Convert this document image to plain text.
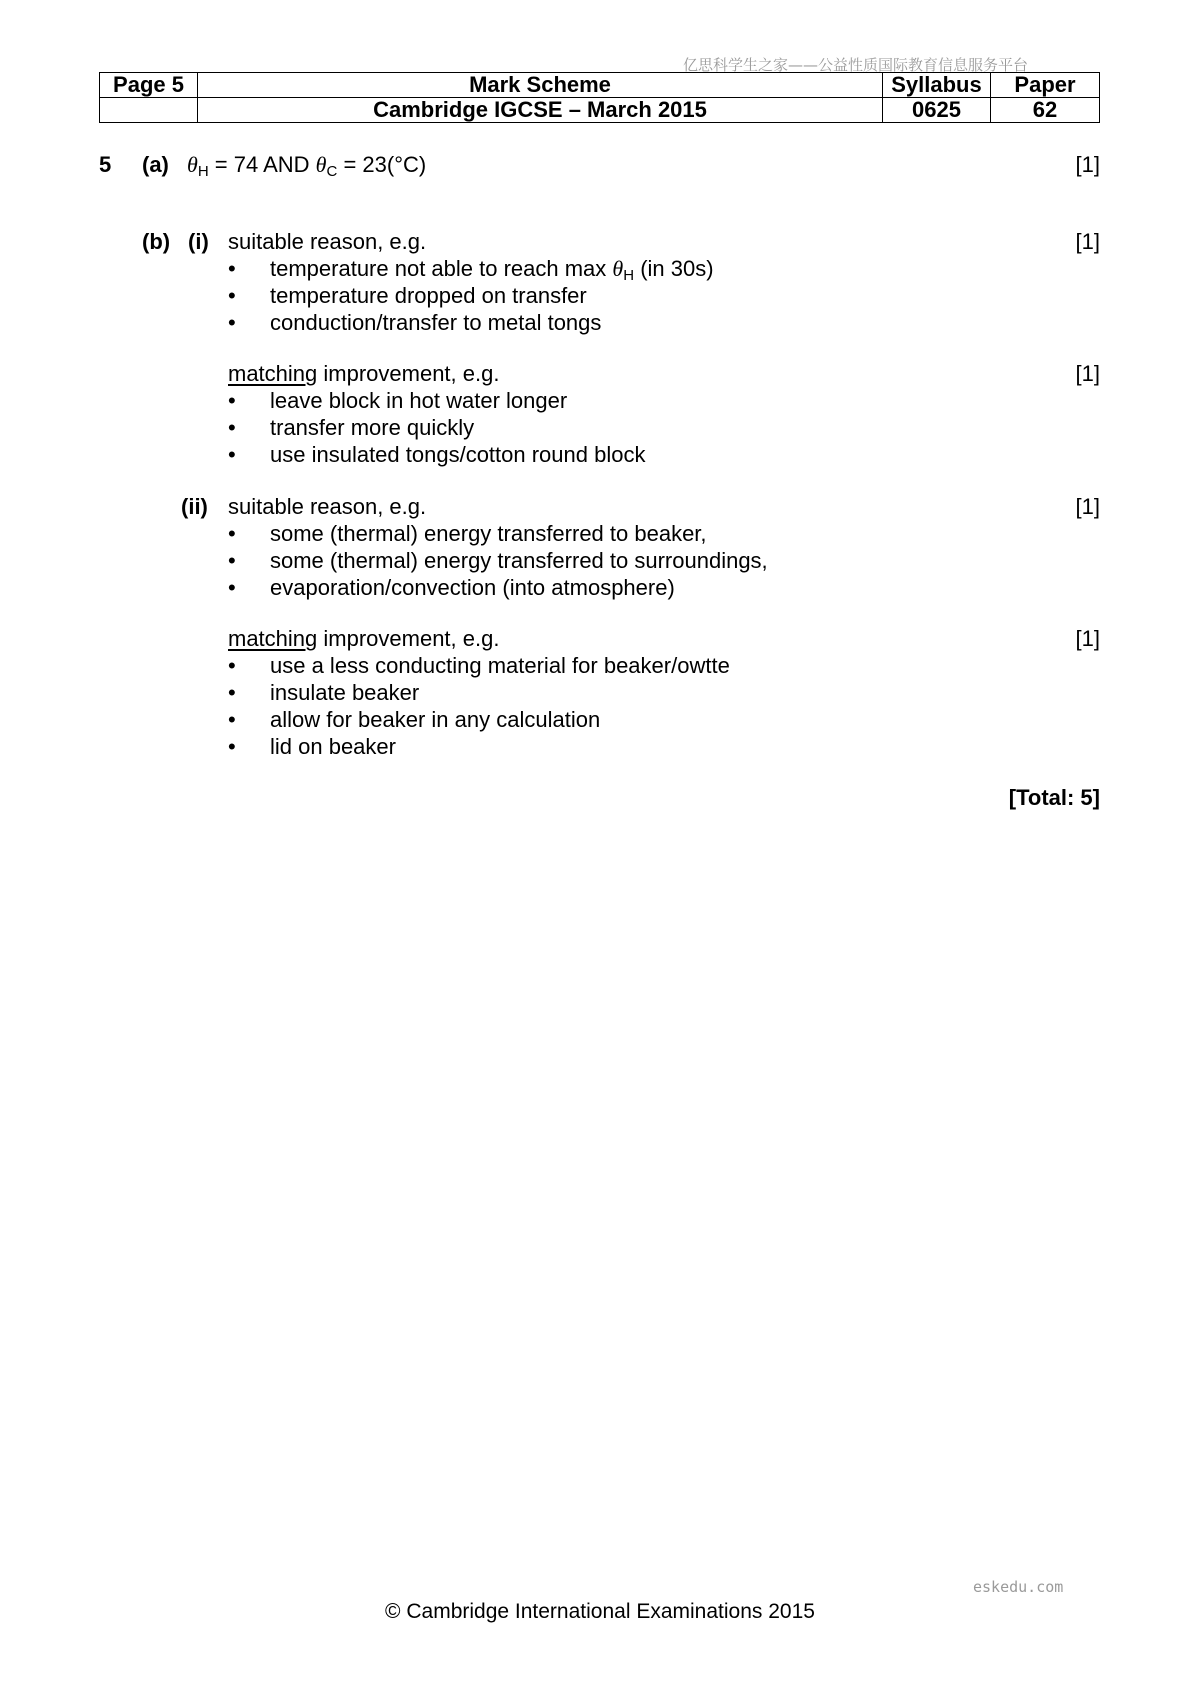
亿思科学生之家——公益性质国际教育信息服务平台
Page 5	Mark Scheme	Syllabus	Paper
	Cambridge IGCSE – March 2015	0625	62
5 (a) $\theta_H = 74$ AND $\theta_C = 23(^\circ C)$	[1]
(b) (i) suitable reason, e.g.	[1]
• temperature not able to reach $\max \theta_H$ (in 30s)
• temperature dropped on transfer
• conduction/transfer to metal tongs
matching improvement, e.g.	[1]
• leave block in hot water longer
• transfer more quickly
• use insulated tongs/cotton round block
(ii) suitable reason, e.g.	[1]
• some (thermal) energy transferred to beaker,
• some (thermal) energy transferred to surroundings,
• evaporation/convection (into atmosphere)
matching improvement, e.g.	[1]
• use a less conducting material for beaker/owtte
• insulate beaker
• allow for beaker in any calculation
• lid on beaker
[Total: 5]
eskedu.com
© Cambridge International Examinations 2015
